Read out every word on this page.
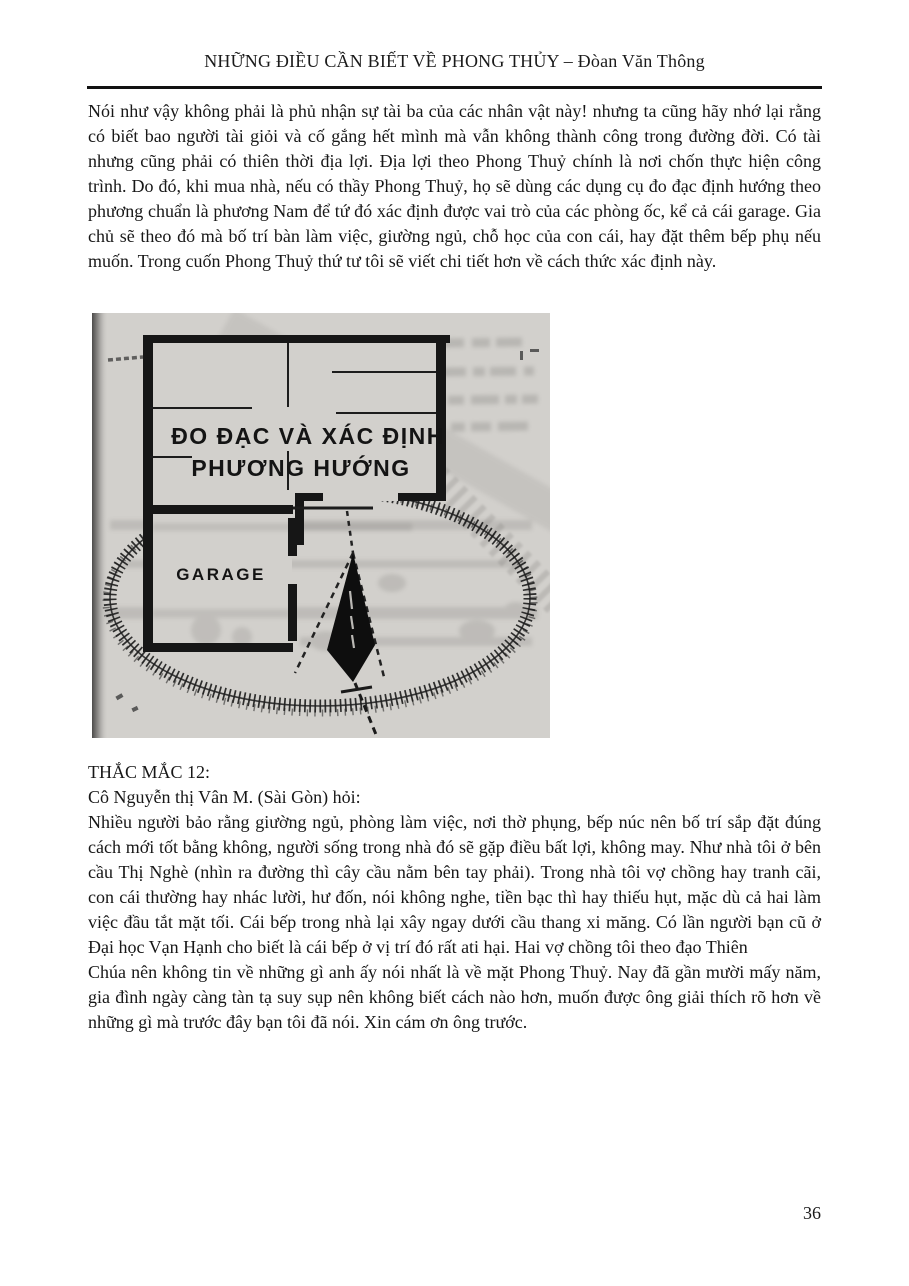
NHỮNG ĐIỀU CẦN BIẾT VỀ PHONG THỦY – Đòan Văn Thông

Nói như vậy không phải là phủ nhận sự tài ba của các nhân vật này! nhưng ta cũng hãy nhớ lại rằng có biết bao người tài giỏi và cố gắng hết mình mà vẫn không thành công trong đường đời. Có tài nhưng cũng phải có thiên thời địa lợi. Địa lợi theo Phong Thuỷ chính là nơi chốn thực hiện công trình. Do đó, khi mua nhà, nếu có thầy Phong Thuỷ, họ sẽ dùng các dụng cụ đo đạc định hướng theo phương chuẩn là phương Nam để tứ đó xác định được vai trò của các phòng ốc, kể cả cái garage. Gia chủ sẽ theo đó mà bố trí bàn làm việc, giường ngủ, chỗ học của con cái, hay đặt thêm bếp phụ nếu muốn. Trong cuốn Phong Thuỷ thứ tư tôi sẽ viết chi tiết hơn về cách thức xác định này.

ĐO ĐẠC VÀ XÁC ĐỊNH
PHƯƠNG HƯỚNG
GARAGE
THẮC MẮC 12:
Cô Nguyễn thị Vân M. (Sài Gòn) hỏi:

Nhiều người bảo rằng giường ngủ, phòng làm việc, nơi thờ phụng, bếp núc nên bố trí sắp đặt đúng cách mới tốt bằng không, người sống trong nhà đó sẽ gặp điều bất lợi, không may. Như nhà tôi ở bên cầu Thị Nghè (nhìn ra đường thì cây cầu nằm bên tay phải). Trong nhà tôi vợ chồng hay tranh cãi, con cái thường hay nhác lười, hư đốn, nói không nghe, tiền bạc thì hay thiếu hụt, mặc dù cả hai làm việc đầu tắt mặt tối. Cái bếp trong nhà lại xây ngay dưới cầu thang xi măng. Có lần người bạn cũ ở Đại học Vạn Hạnh cho biết là cái bếp ở vị trí đó rất ati hại. Hai vợ chồng tôi theo đạo Thiên

Chúa nên không tin về những gì anh ấy nói nhất là về mặt Phong Thuỷ. Nay đã gần mười mấy năm, gia đình ngày càng tàn tạ suy sụp nên không biết cách nào hơn, muốn được ông giải thích rõ hơn về những gì mà trước đây bạn tôi đã nói. Xin cám ơn ông trước.

36
